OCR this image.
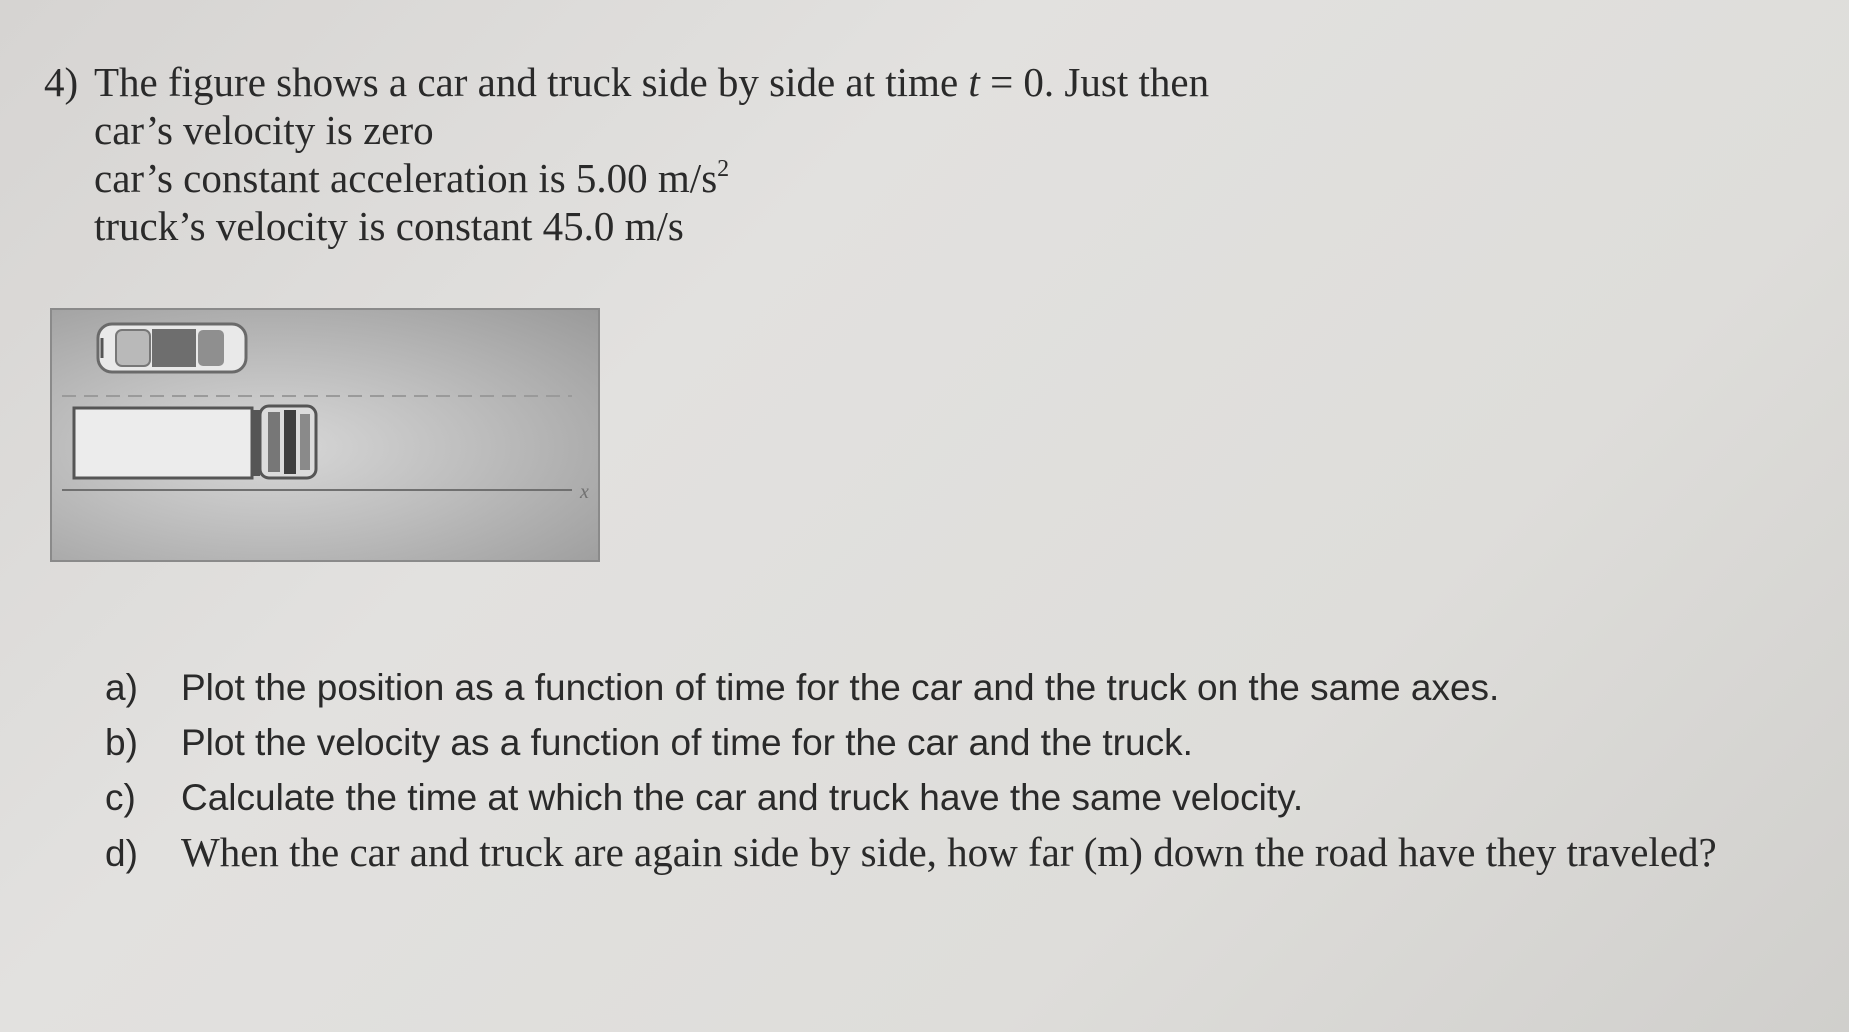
4) The figure shows a car and truck side by side at time t = 0. Just then
car’s velocity is zero
car’s constant acceleration is 5.00 $m/s^2$
truck’s velocity is constant 45.0 m/s
x
a) Plot the position as a function of time for the car and the truck on the same axes.
b) Plot the velocity as a function of time for the car and the truck.
c) Calculate the time at which the car and truck have the same velocity.
d) When the car and truck are again side by side, how far (m) down the road have they traveled?
